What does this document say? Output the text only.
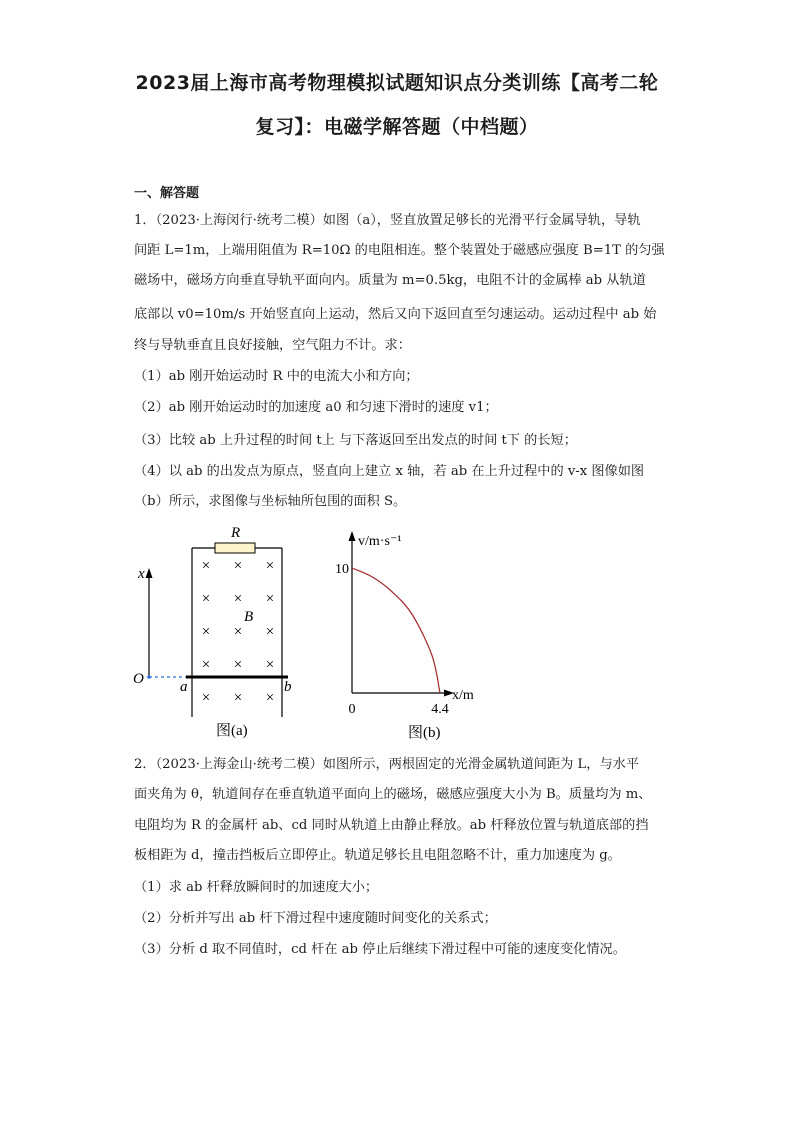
2023届上海市高考物理模拟试题知识点分类训练【高考二轮
复习】：电磁学解答题（中档题）
一、解答题
1．（2023·上海闵行·统考二模）如图（a），竖直放置足够长的光滑平行金属导轨，导轨
间距 L=1m，上端用阻值为 R=10Ω 的电阻相连。整个装置处于磁感应强度 B=1T 的匀强
磁场中，磁场方向垂直导轨平面向内。质量为 m=0.5kg，电阻不计的金属棒 ab 从轨道
底部以 v0=10m/s 开始竖直向上运动，然后又向下返回直至匀速运动。运动过程中 ab 始
终与导轨垂直且良好接触，空气阻力不计。求：
（1）ab 刚开始运动时 R 中的电流大小和方向；
（2）ab 刚开始运动时的加速度 a0 和匀速下滑时的速度 v1；
（3）比较 ab 上升过程的时间 t上 与下落返回至出发点的时间 t下 的长短；
（4）以 ab 的出发点为原点，竖直向上建立 x 轴，若 ab 在上升过程中的 v-x 图像如图
（b）所示，求图像与坐标轴所包围的面积 S。
x
O
R
× × ×
× × ×
× × ×
× × ×
× × ×
B
a	b
图(a)
v/m·s⁻¹
x/m
10
4.4
0
图(b)
2．（2023·上海金山·统考二模）如图所示，两根固定的光滑金属轨道间距为 L，与水平
面夹角为 θ，轨道间存在垂直轨道平面向上的磁场，磁感应强度大小为 B。质量均为 m、
电阻均为 R 的金属杆 ab、cd 同时从轨道上由静止释放。ab 杆释放位置与轨道底部的挡
板相距为 d，撞击挡板后立即停止。轨道足够长且电阻忽略不计，重力加速度为 g。
（1）求 ab 杆释放瞬间时的加速度大小；
（2）分析并写出 ab 杆下滑过程中速度随时间变化的关系式；
（3）分析 d 取不同值时，cd 杆在 ab 停止后继续下滑过程中可能的速度变化情况。
